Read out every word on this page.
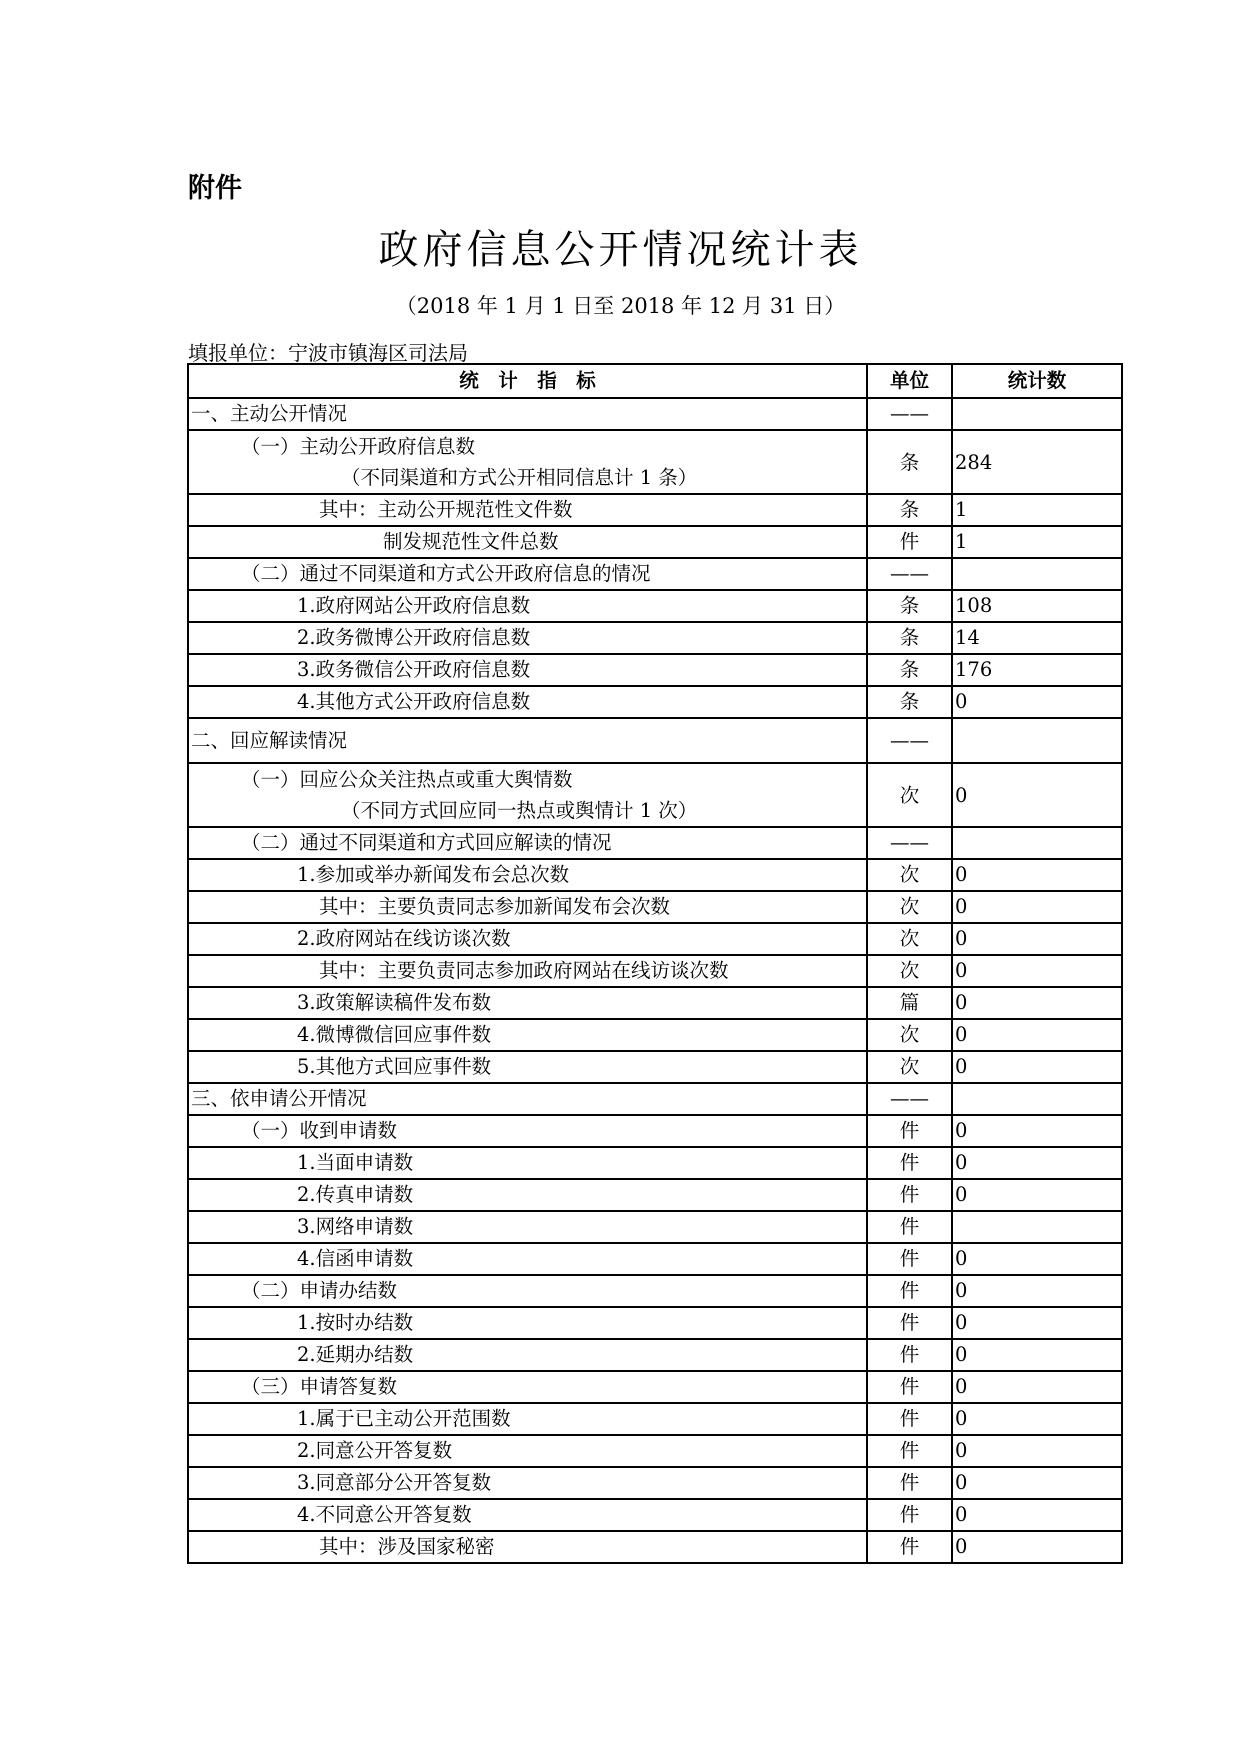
附件
政府信息公开情况统计表
（2018 年 1 月 1 日至 2018 年 12 月 31 日）
填报单位：宁波市镇海区司法局
统　计　指　标	单位	统计数
一、主动公开情况	——	

（一）主动公开政府信息数
（不同渠道和方式公开相同信息计 1 条）	条	284
其中：主动公开规范性文件数	条	1
制发规范性文件总数	件	1
（二）通过不同渠道和方式公开政府信息的情况	——	
1.政府网站公开政府信息数	条	108
2.政务微博公开政府信息数	条	14
3.政务微信公开政府信息数	条	176
4.其他方式公开政府信息数	条	0
二、回应解读情况	——	

（一）回应公众关注热点或重大舆情数
（不同方式回应同一热点或舆情计 1 次）	次	0
（二）通过不同渠道和方式回应解读的情况	——	
1.参加或举办新闻发布会总次数	次	0
其中：主要负责同志参加新闻发布会次数	次	0
2.政府网站在线访谈次数	次	0
其中：主要负责同志参加政府网站在线访谈次数	次	0
3.政策解读稿件发布数	篇	0
4.微博微信回应事件数	次	0
5.其他方式回应事件数	次	0
三、依申请公开情况	——	
（一）收到申请数	件	0
1.当面申请数	件	0
2.传真申请数	件	0
3.网络申请数	件	
4.信函申请数	件	0
（二）申请办结数	件	0
1.按时办结数	件	0
2.延期办结数	件	0
（三）申请答复数	件	0
1.属于已主动公开范围数	件	0
2.同意公开答复数	件	0
3.同意部分公开答复数	件	0
4.不同意公开答复数	件	0
其中：涉及国家秘密	件	0
